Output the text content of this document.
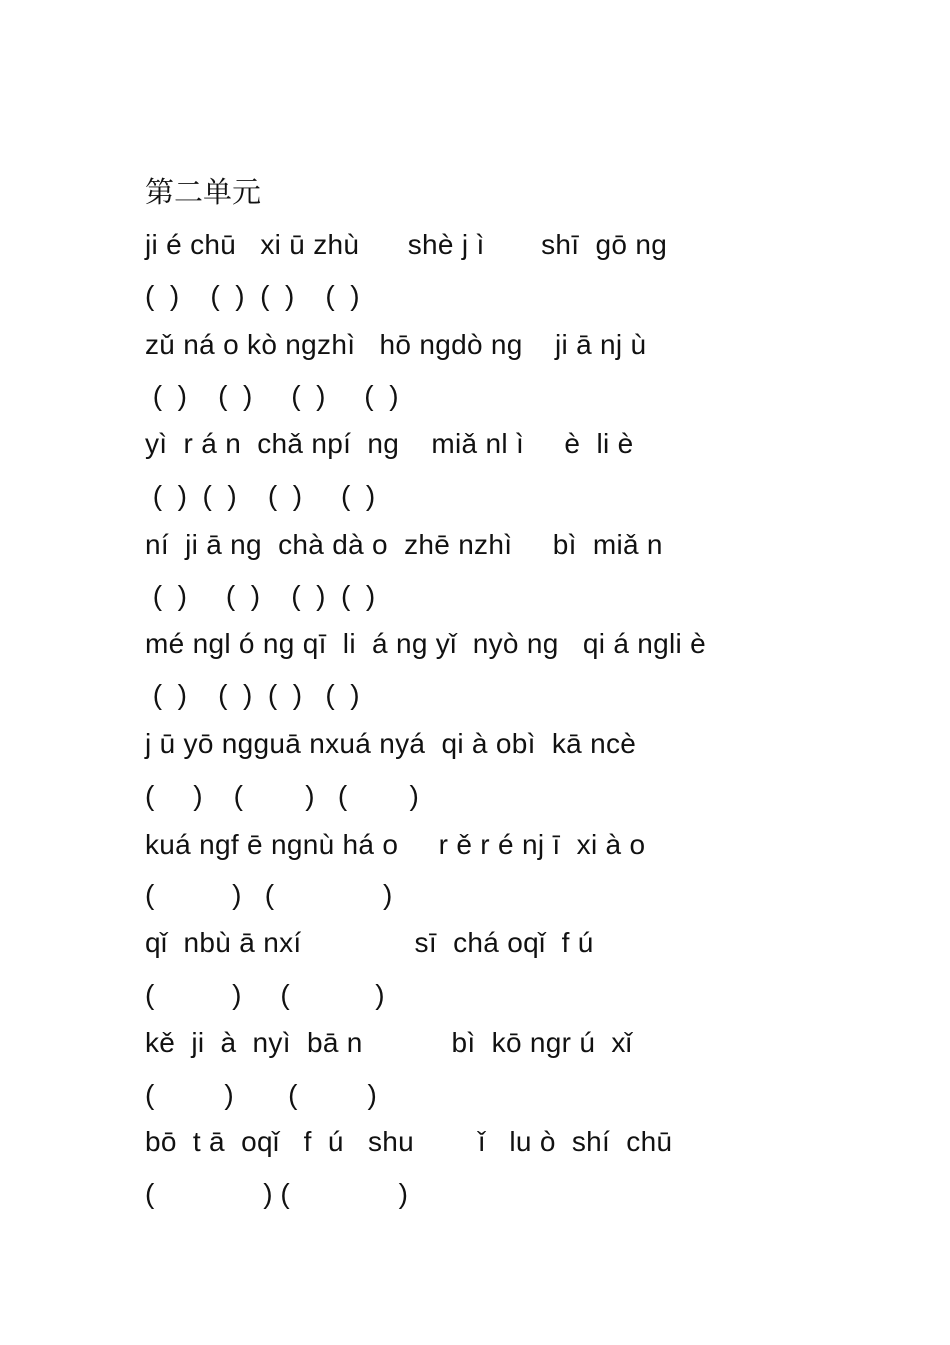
第二单元
ji é chū   xi ū zhù      shè j ì       shī  gō ng
(  )    (  )  (  )    (  )
zǔ ná o kò ngzhì   hō ngdò ng    ji ā nj ù
(  )    (  )     (  )     (  )
yì  r á n  chǎ npí  ng    miǎ nl ì     è  li è
(  )  (  )    (  )     (  )
ní  ji ā ng  chà dà o  zhē nzhì     bì  miǎ n
(  )     (  )    (  )  (  )
mé ngl ó ng qī  li  á ng yǐ  nyò ng   qi á ngli è
(  )    (  )  (  )   (  )
j ū yō ngguā nxuá nyá  qi à obì  kā ncè
(     )    (        )   (        )
kuá ngf ē ngnù há o     r ě r é nj ī  xi à o
(          )   (              )
qǐ  nbù ā nxí              sī  chá oqǐ  f ú
(          )     (           )
kě  ji  à  nyì  bā n           bì  kō ngr ú  xǐ
(         )       (         )
bō  t ā  oqǐ   f  ú   shu        ǐ   lu ò  shí  chū
(              ) (              )
